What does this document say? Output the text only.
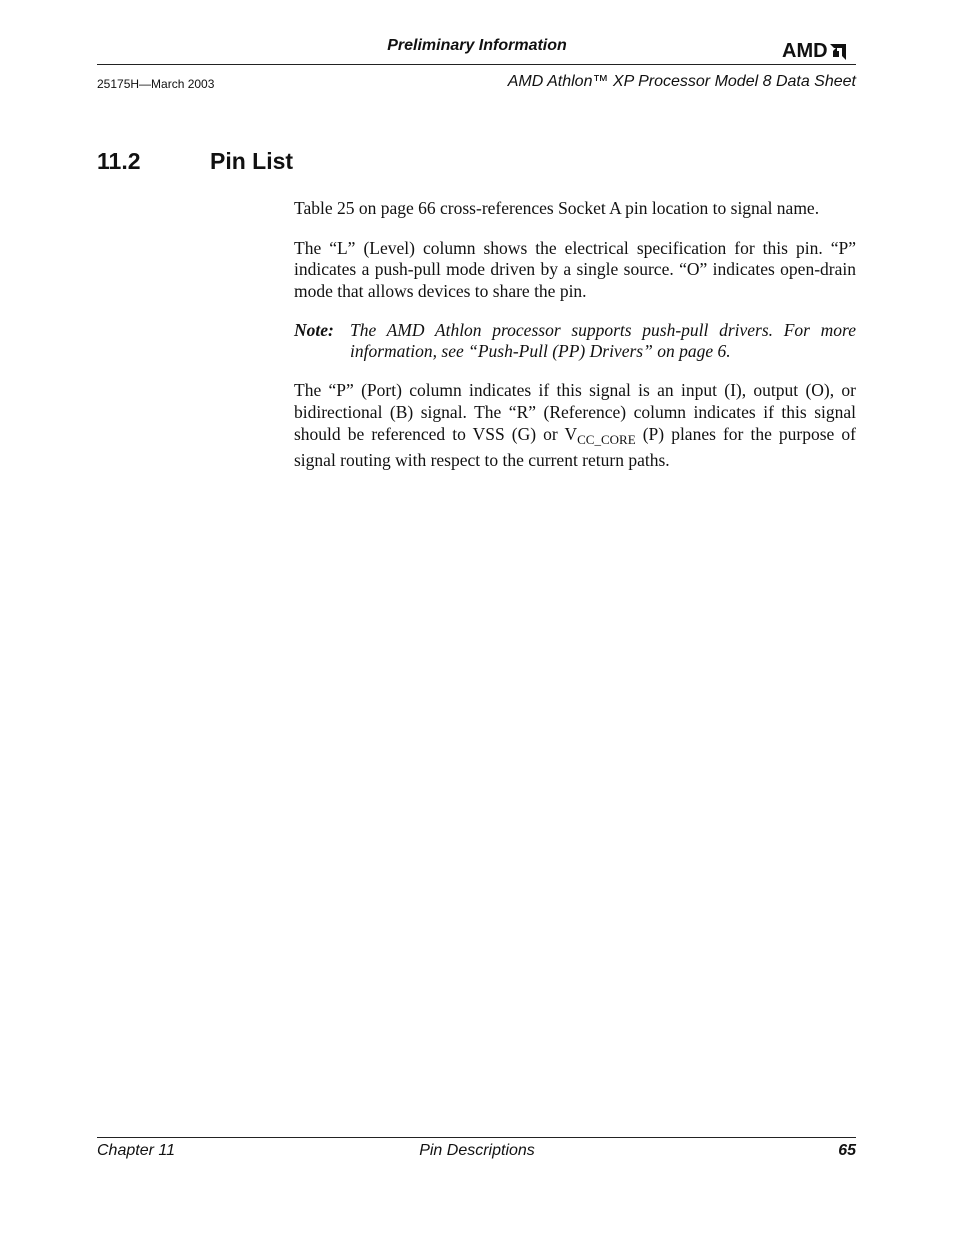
Preliminary Information	AMD
25175H—March 2003	AMD Athlon™ XP Processor Model 8 Data Sheet
11.2	Pin List

Table 25 on page 66 cross-references Socket A pin location to signal name.

The “L” (Level) column shows the electrical specification for this pin. “P” indicates a push-pull mode driven by a single source. “O” indicates open-drain mode that allows devices to share the pin.

Note: The AMD Athlon processor supports push-pull drivers. For more information, see “Push-Pull (PP) Drivers” on page 6.

The “P” (Port) column indicates if this signal is an input (I), output (O), or bidirectional (B) signal. The “R” (Reference) column indicates if this signal should be referenced to VSS (G) or $V_{CC\_CORE}$ (P) planes for the purpose of signal routing with respect to the current return paths.

Chapter 11	Pin Descriptions	65
